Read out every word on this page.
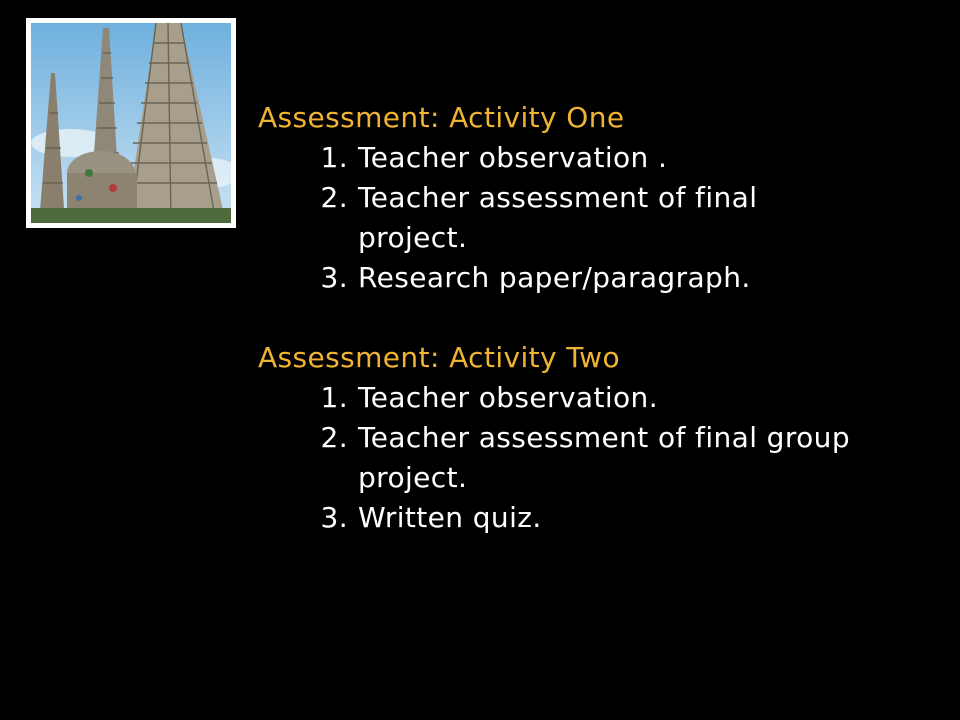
Assessment: Activity One
1. Teacher observation .
2. Teacher assessment of final project.
3. Research paper/paragraph.
Assessment: Activity Two
1. Teacher observation.
2. Teacher assessment of final group project.
3. Written quiz.
